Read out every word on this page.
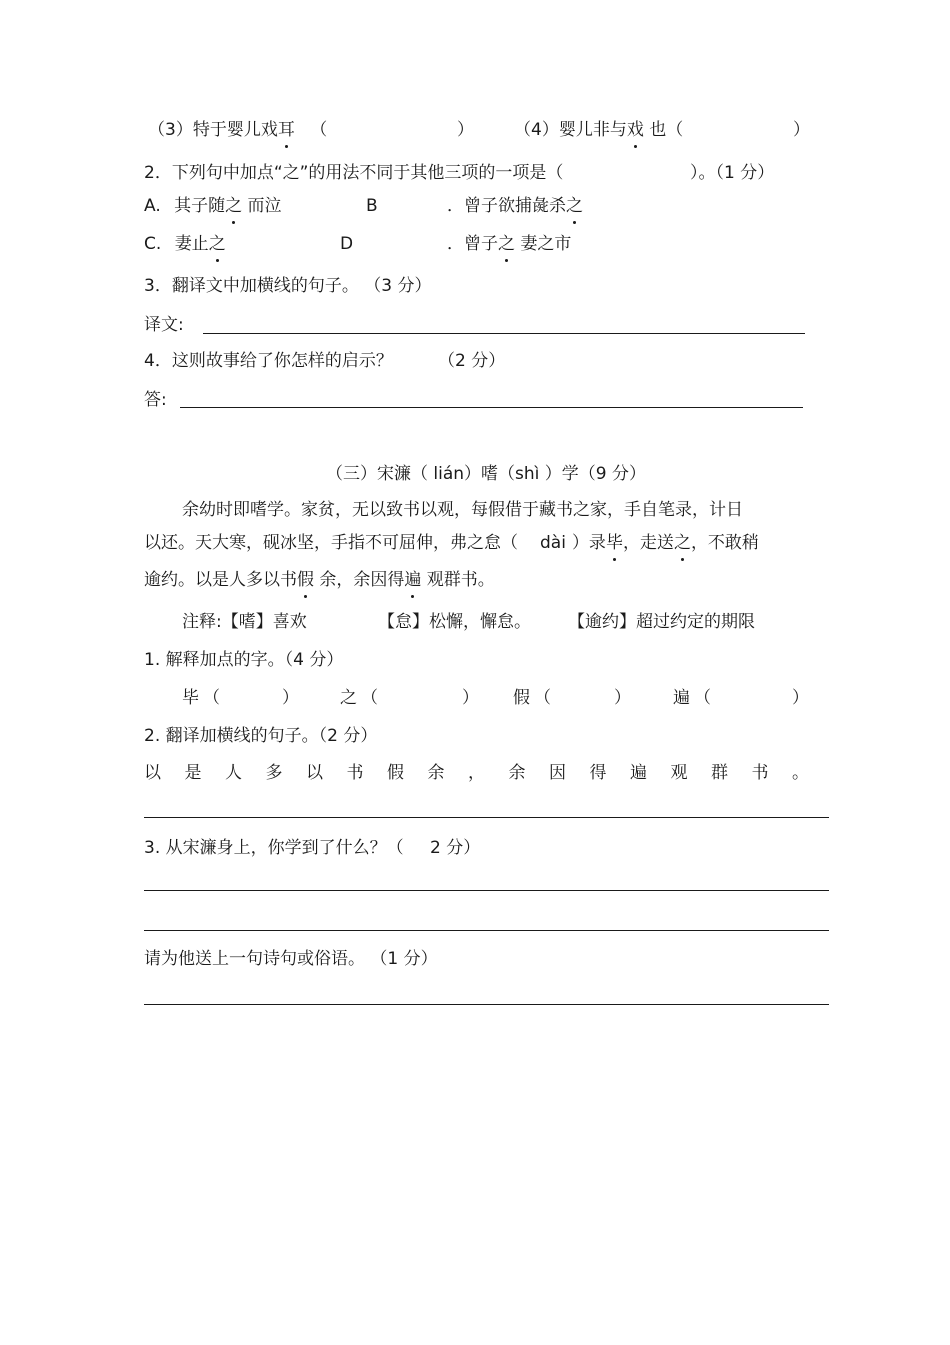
（3）特于婴儿戏耳 （	） （4）婴儿非与戏 也（	）
2．下列句中加点“之”的用法不同于其他三项的一项是（	）。（1 分）
A. 其子随之 而泣	B	．曾子欲捕彘杀之
C. 妻止之	D	．曾子之 妻之市
3．翻译文中加横线的句子。 （3 分）
译文:
4．这则故事给了你怎样的启示？	（2 分）
答:
（三）宋濂（ lián）嗜（shì ）学（9 分）
余幼时即嗜学。家贫，无以致书以观，每假借于藏书之家，手自笔录，计日
以还。天大寒，砚冰坚，手指不可屈伸，弗之怠（ dài ）录毕，走送之，不敢稍
逾约。以是人多以书假 余，余因得遍 观群书。
注释:【嗜】喜欢	【怠】松懈，懈怠。 【逾约】超过约定的期限
1. 解释加点的字。（4 分）
毕 （	） 之 （	） 假 （	） 遍 （	）
2. 翻译加横线的句子。（2 分）
以 是 人 多 以 书 假 余 ， 余 因 得 遍 观 群 书 。
3. 从宋濂身上，你学到了什么？（ 2 分）
请为他送上一句诗句或俗语。 （1 分）
